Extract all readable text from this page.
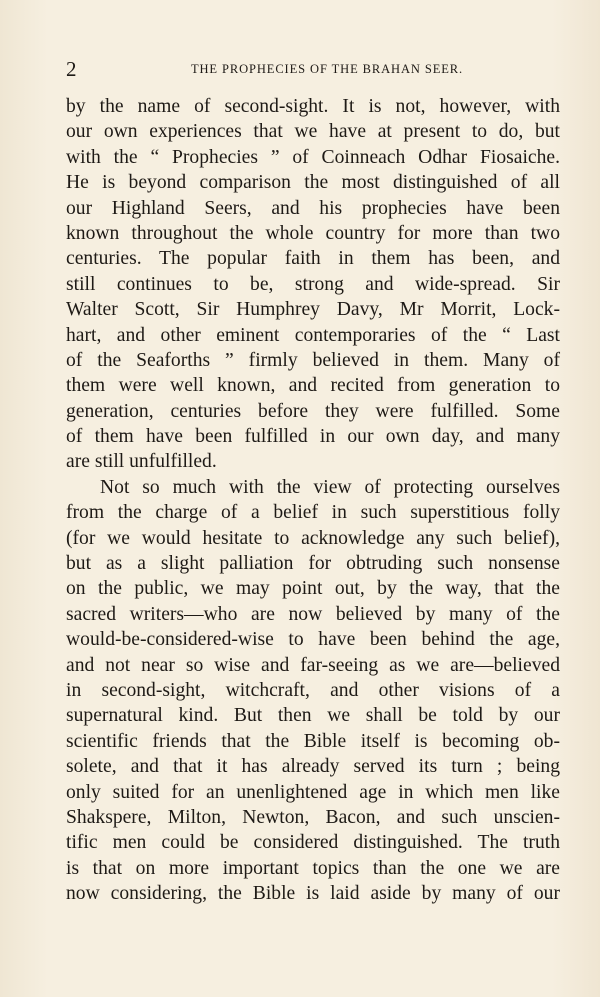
2	THE PROPHECIES OF THE BRAHAN SEER.
by the name of second-sight. It is not, however, with
our own experiences that we have at present to do, but
with the “ Prophecies ” of Coinneach Odhar Fiosaiche.
He is beyond comparison the most distinguished of all
our Highland Seers, and his prophecies have been
known throughout the whole country for more than two
centuries. The popular faith in them has been, and
still continues to be, strong and wide-spread. Sir
Walter Scott, Sir Humphrey Davy, Mr Morrit, Lock-
hart, and other eminent contemporaries of the “ Last
of the Seaforths ” firmly believed in them. Many of
them were well known, and recited from generation to
generation, centuries before they were fulfilled. Some
of them have been fulfilled in our own day, and many
are still unfulfilled.
Not so much with the view of protecting ourselves
from the charge of a belief in such superstitious folly
(for we would hesitate to acknowledge any such belief),
but as a slight palliation for obtruding such nonsense
on the public, we may point out, by the way, that the
sacred writers—who are now believed by many of the
would-be-considered-wise to have been behind the age,
and not near so wise and far-seeing as we are—believed
in second-sight, witchcraft, and other visions of a
supernatural kind. But then we shall be told by our
scientific friends that the Bible itself is becoming ob-
solete, and that it has already served its turn ; being
only suited for an unenlightened age in which men like
Shakspere, Milton, Newton, Bacon, and such unscien-
tific men could be considered distinguished. The truth
is that on more important topics than the one we are
now considering, the Bible is laid aside by many of our
